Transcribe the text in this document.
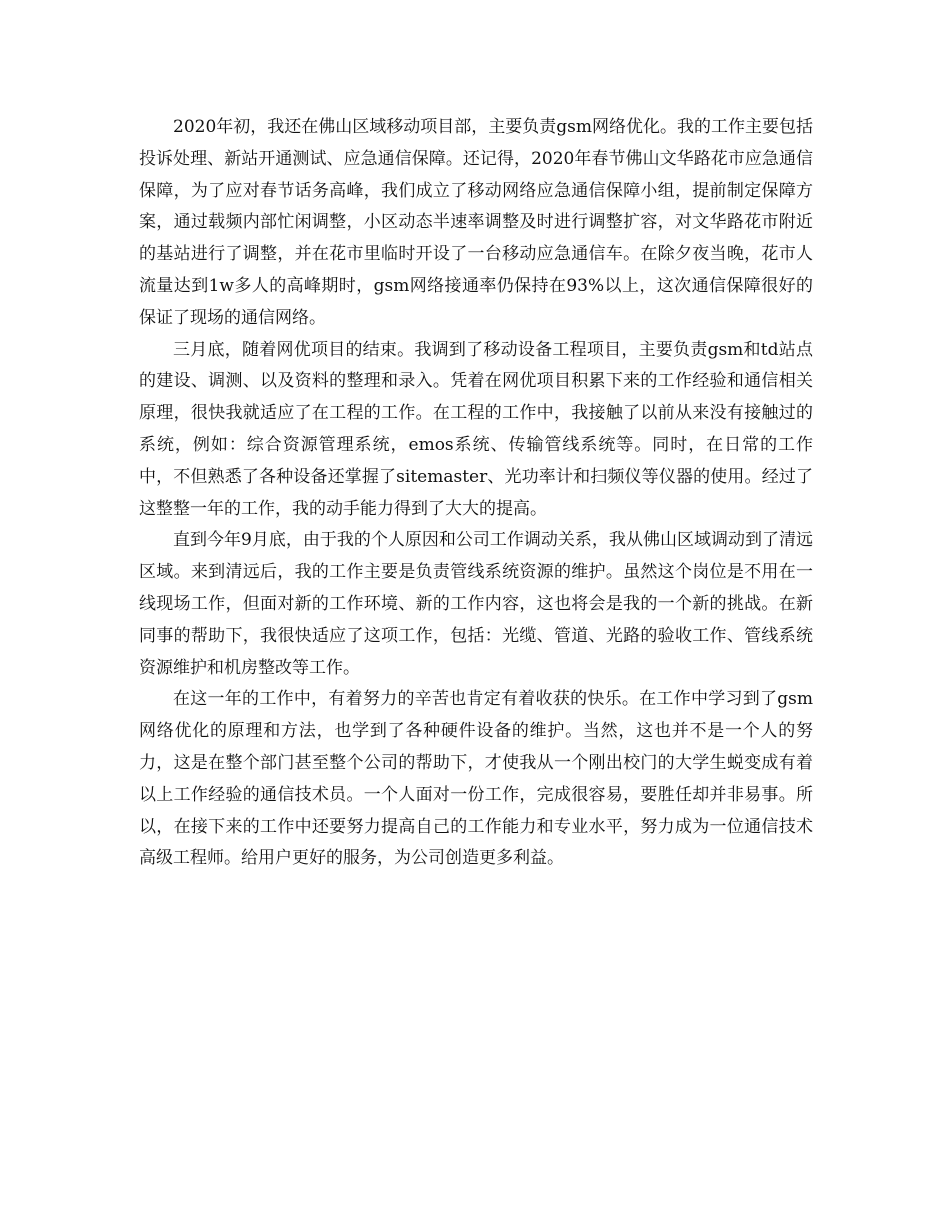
2020年初，我还在佛山区域移动项目部，主要负责gsm网络优化。我的工作主要包括投诉处理、新站开通测试、应急通信保障。还记得，2020年春节佛山文华路花市应急通信保障，为了应对春节话务高峰，我们成立了移动网络应急通信保障小组，提前制定保障方案，通过载频内部忙闲调整，小区动态半速率调整及时进行调整扩容，对文华路花市附近的基站进行了调整，并在花市里临时开设了一台移动应急通信车。在除夕夜当晚，花市人流量达到1w多人的高峰期时，gsm网络接通率仍保持在93%以上，这次通信保障很好的保证了现场的通信网络。

三月底，随着网优项目的结束。我调到了移动设备工程项目，主要负责gsm和td站点的建设、调测、以及资料的整理和录入。凭着在网优项目积累下来的工作经验和通信相关原理，很快我就适应了在工程的工作。在工程的工作中，我接触了以前从来没有接触过的系统，例如：综合资源管理系统，emos系统、传输管线系统等。同时，在日常的工作中，不但熟悉了各种设备还掌握了sitemaster、光功率计和扫频仪等仪器的使用。经过了这整整一年的工作，我的动手能力得到了大大的提高。

直到今年9月底，由于我的个人原因和公司工作调动关系，我从佛山区域调动到了清远区域。来到清远后，我的工作主要是负责管线系统资源的维护。虽然这个岗位是不用在一线现场工作，但面对新的工作环境、新的工作内容，这也将会是我的一个新的挑战。在新同事的帮助下，我很快适应了这项工作，包括：光缆、管道、光路的验收工作、管线系统资源维护和机房整改等工作。

在这一年的工作中，有着努力的辛苦也肯定有着收获的快乐。在工作中学习到了gsm网络优化的原理和方法，也学到了各种硬件设备的维护。当然，这也并不是一个人的努力，这是在整个部门甚至整个公司的帮助下，才使我从一个刚出校门的大学生蜕变成有着以上工作经验的通信技术员。一个人面对一份工作，完成很容易，要胜任却并非易事。所以，在接下来的工作中还要努力提高自己的工作能力和专业水平，努力成为一位通信技术高级工程师。给用户更好的服务，为公司创造更多利益。
